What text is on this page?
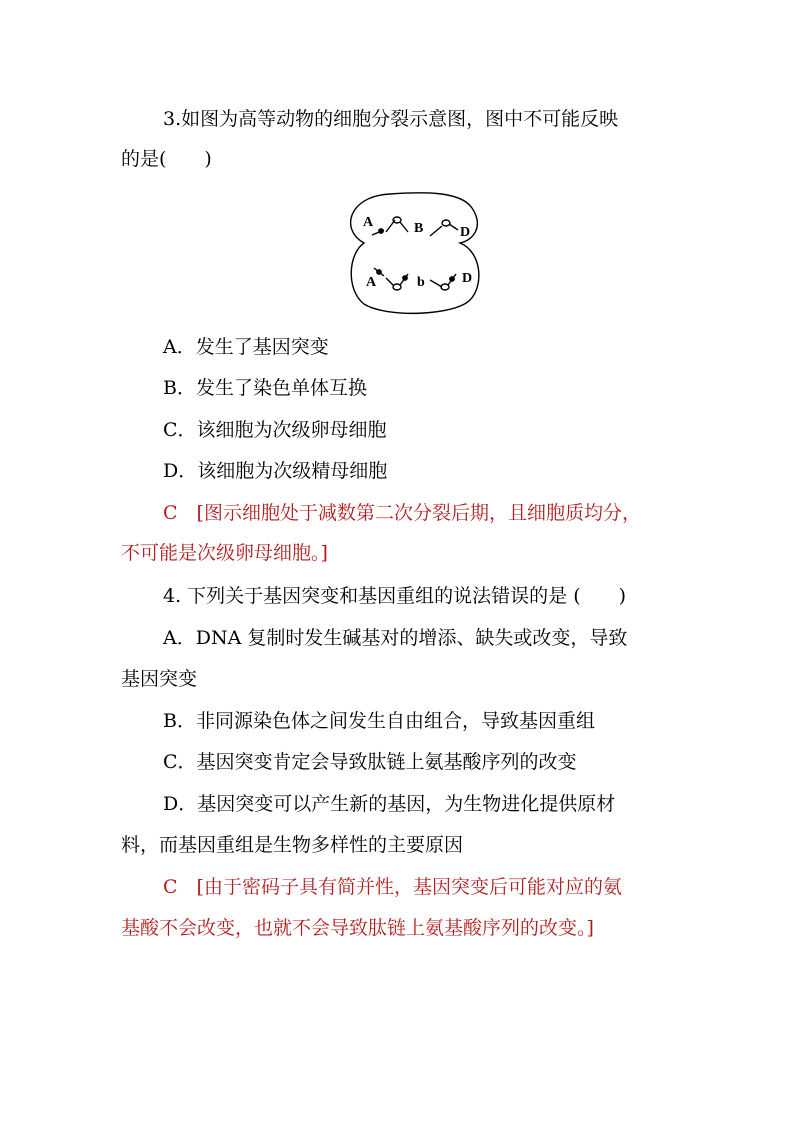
3.如图为高等动物的细胞分裂示意图，图中不可能反映
的是(　　)
A	B	D
A	b	D
A．发生了基因突变
B．发生了染色单体互换
C．该细胞为次级卵母细胞
D．该细胞为次级精母细胞
C　[图示细胞处于减数第二次分裂后期，且细胞质均分，
不可能是次级卵母细胞。]
4. 下列关于基因突变和基因重组的说法错误的是 (　　)
A．DNA 复制时发生碱基对的增添、缺失或改变，导致
基因突变
B．非同源染色体之间发生自由组合，导致基因重组
C．基因突变肯定会导致肽链上氨基酸序列的改变
D．基因突变可以产生新的基因，为生物进化提供原材
料，而基因重组是生物多样性的主要原因
C　[由于密码子具有简并性，基因突变后可能对应的氨
基酸不会改变，也就不会导致肽链上氨基酸序列的改变。]
